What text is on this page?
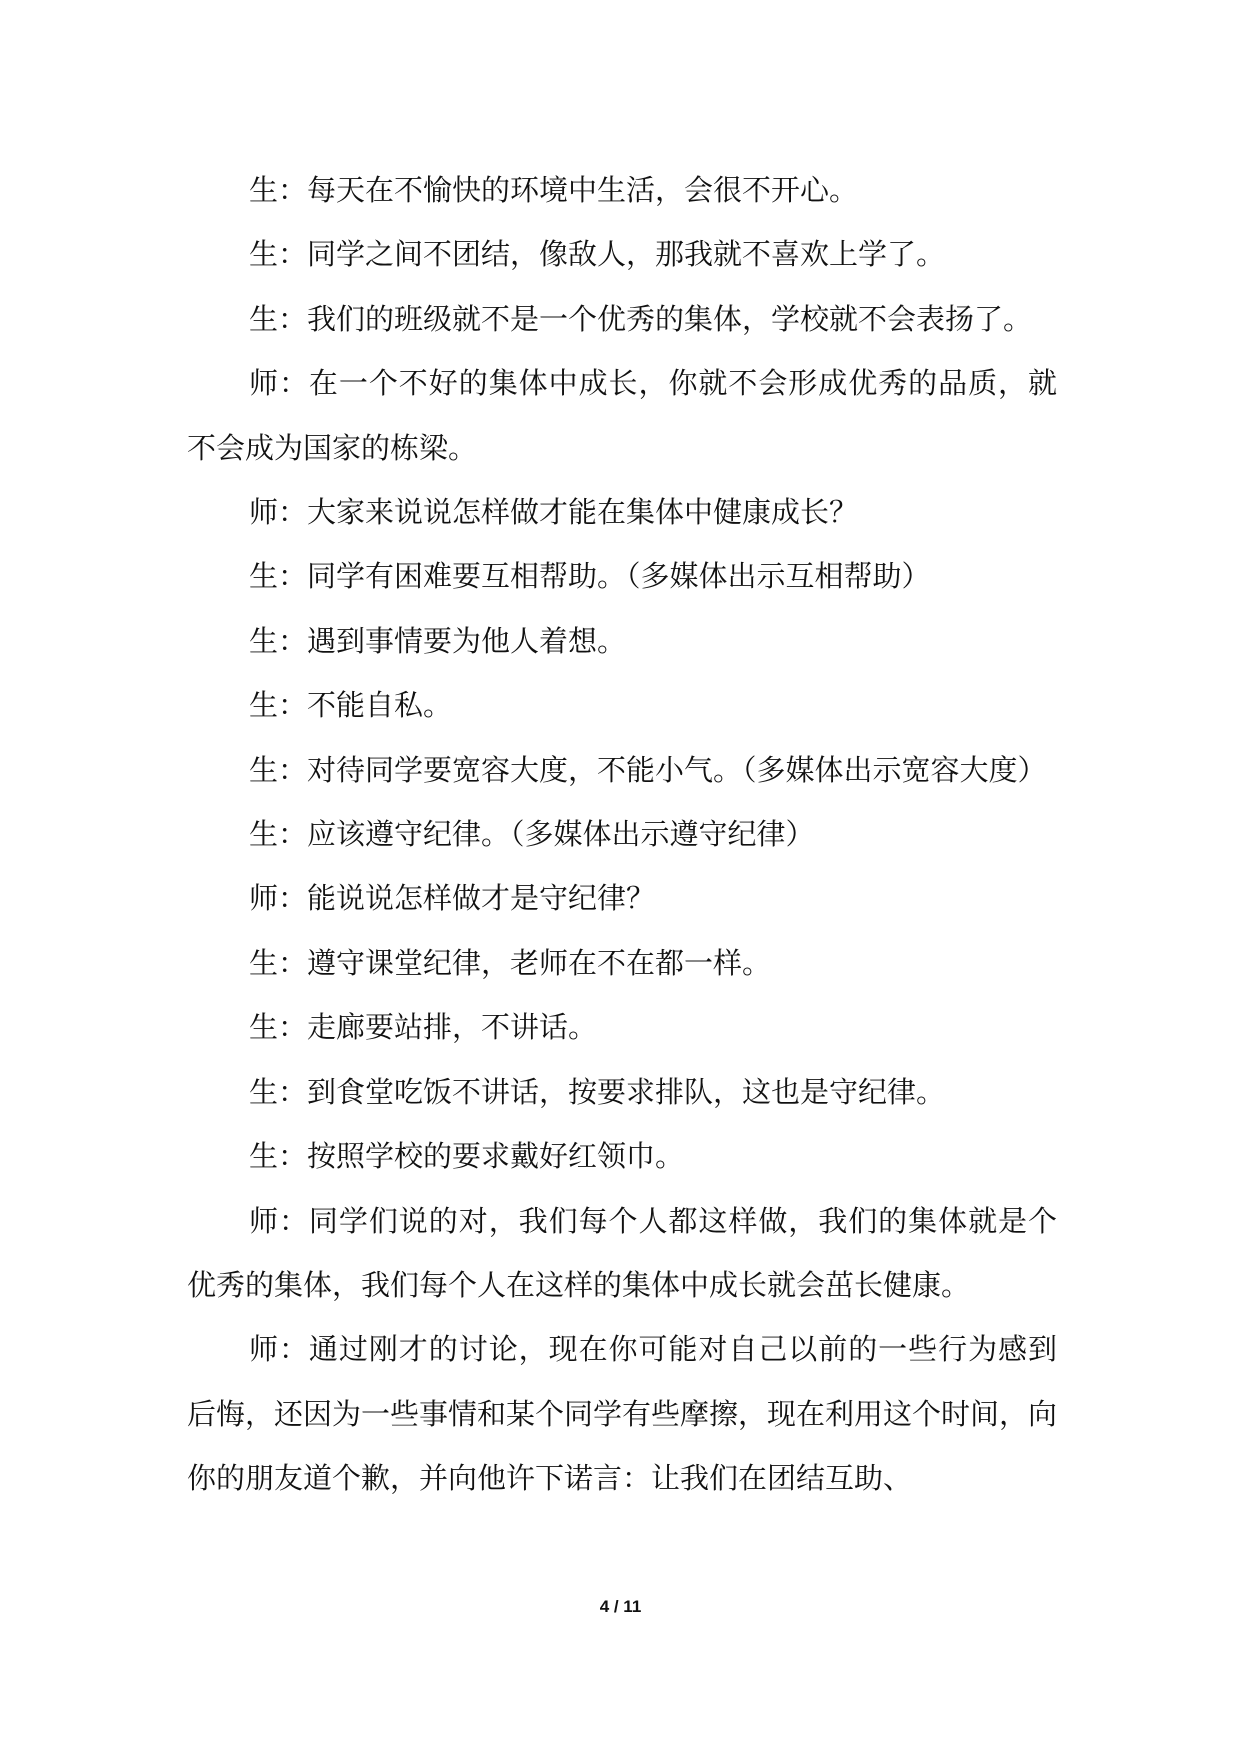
生：每天在不愉快的环境中生活，会很不开心。

生：同学之间不团结，像敌人，那我就不喜欢上学了。

生：我们的班级就不是一个优秀的集体，学校就不会表扬了。

师：在一个不好的集体中成长，你就不会形成优秀的品质，就不会成为国家的栋梁。

师：大家来说说怎样做才能在集体中健康成长？

生：同学有困难要互相帮助。（多媒体出示互相帮助）

生：遇到事情要为他人着想。

生：不能自私。

生：对待同学要宽容大度，不能小气。（多媒体出示宽容大度）

生：应该遵守纪律。（多媒体出示遵守纪律）

师：能说说怎样做才是守纪律？

生：遵守课堂纪律，老师在不在都一样。

生：走廊要站排，不讲话。

生：到食堂吃饭不讲话，按要求排队，这也是守纪律。

生：按照学校的要求戴好红领巾。

师：同学们说的对，我们每个人都这样做，我们的集体就是个优秀的集体，我们每个人在这样的集体中成长就会茁长健康。

师：通过刚才的讨论，现在你可能对自己以前的一些行为感到后悔，还因为一些事情和某个同学有些摩擦，现在利用这个时间，向你的朋友道个歉，并向他许下诺言：让我们在团结互助、

4 / 11
